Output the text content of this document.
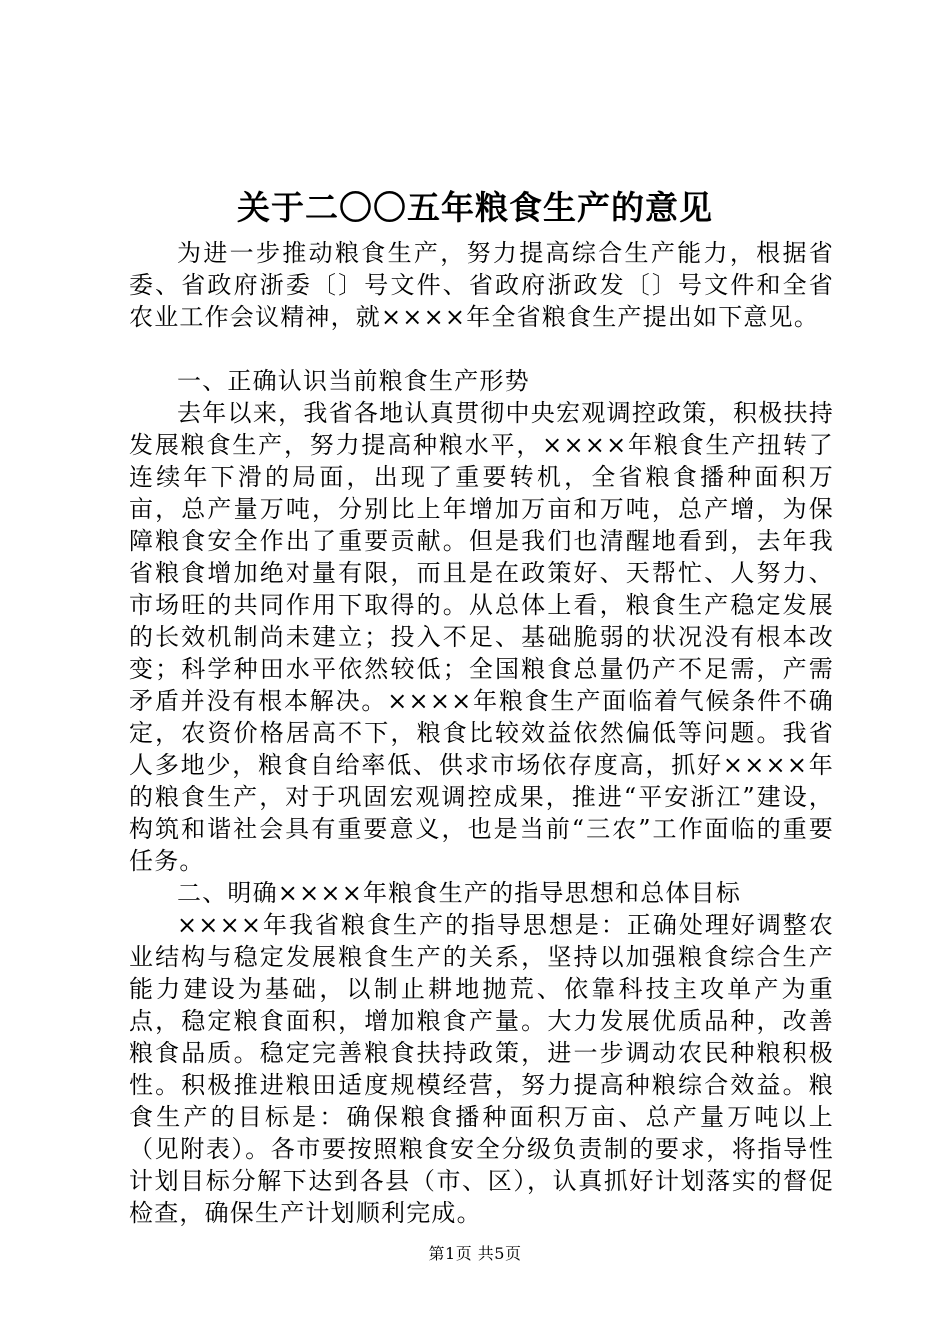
关于二〇〇五年粮食生产的意见

为进一步推动粮食生产，努力提高综合生产能力，根据省委、省政府浙委〔〕号文件、省政府浙政发〔〕号文件和全省农业工作会议精神，就××××年全省粮食生产提出如下意见。

一、正确认识当前粮食生产形势

去年以来，我省各地认真贯彻中央宏观调控政策，积极扶持发展粮食生产，努力提高种粮水平，××××年粮食生产扭转了连续年下滑的局面，出现了重要转机，全省粮食播种面积万亩，总产量万吨，分别比上年增加万亩和万吨，总产增，为保障粮食安全作出了重要贡献。但是我们也清醒地看到，去年我省粮食增加绝对量有限，而且是在政策好、天帮忙、人努力、市场旺的共同作用下取得的。从总体上看，粮食生产稳定发展的长效机制尚未建立；投入不足、基础脆弱的状况没有根本改变；科学种田水平依然较低；全国粮食总量仍产不足需，产需矛盾并没有根本解决。××××年粮食生产面临着气候条件不确定，农资价格居高不下，粮食比较效益依然偏低等问题。我省人多地少，粮食自给率低、供求市场依存度高，抓好××××年的粮食生产，对于巩固宏观调控成果，推进“平安浙江”建设，构筑和谐社会具有重要意义，也是当前“三农”工作面临的重要任务。

二、明确××××年粮食生产的指导思想和总体目标

××××年我省粮食生产的指导思想是：正确处理好调整农业结构与稳定发展粮食生产的关系，坚持以加强粮食综合生产能力建设为基础，以制止耕地抛荒、依靠科技主攻单产为重点，稳定粮食面积，增加粮食产量。大力发展优质品种，改善粮食品质。稳定完善粮食扶持政策，进一步调动农民种粮积极性。积极推进粮田适度规模经营，努力提高种粮综合效益。粮食生产的目标是：确保粮食播种面积万亩、总产量万吨以上（见附表）。各市要按照粮食安全分级负责制的要求，将指导性计划目标分解下达到各县（市、区），认真抓好计划落实的督促检查，确保生产计划顺利完成。

第1页 共5页
